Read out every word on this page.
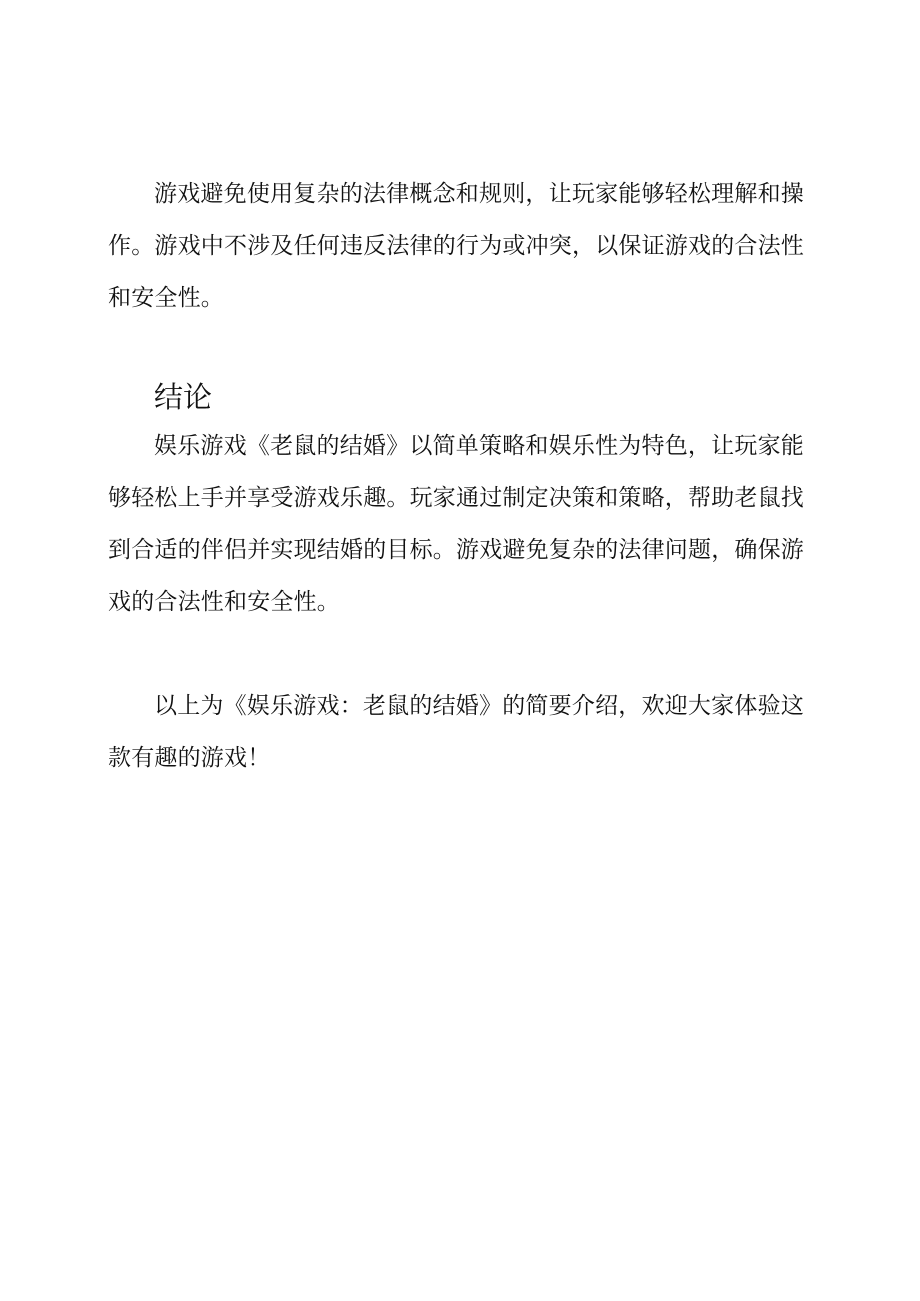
游戏避免使用复杂的法律概念和规则，让玩家能够轻松理解和操作。游戏中不涉及任何违反法律的行为或冲突，以保证游戏的合法性和安全性。

结论

娱乐游戏《老鼠的结婚》以简单策略和娱乐性为特色，让玩家能够轻松上手并享受游戏乐趣。玩家通过制定决策和策略，帮助老鼠找到合适的伴侣并实现结婚的目标。游戏避免复杂的法律问题，确保游戏的合法性和安全性。

以上为《娱乐游戏：老鼠的结婚》的简要介绍，欢迎大家体验这款有趣的游戏！
